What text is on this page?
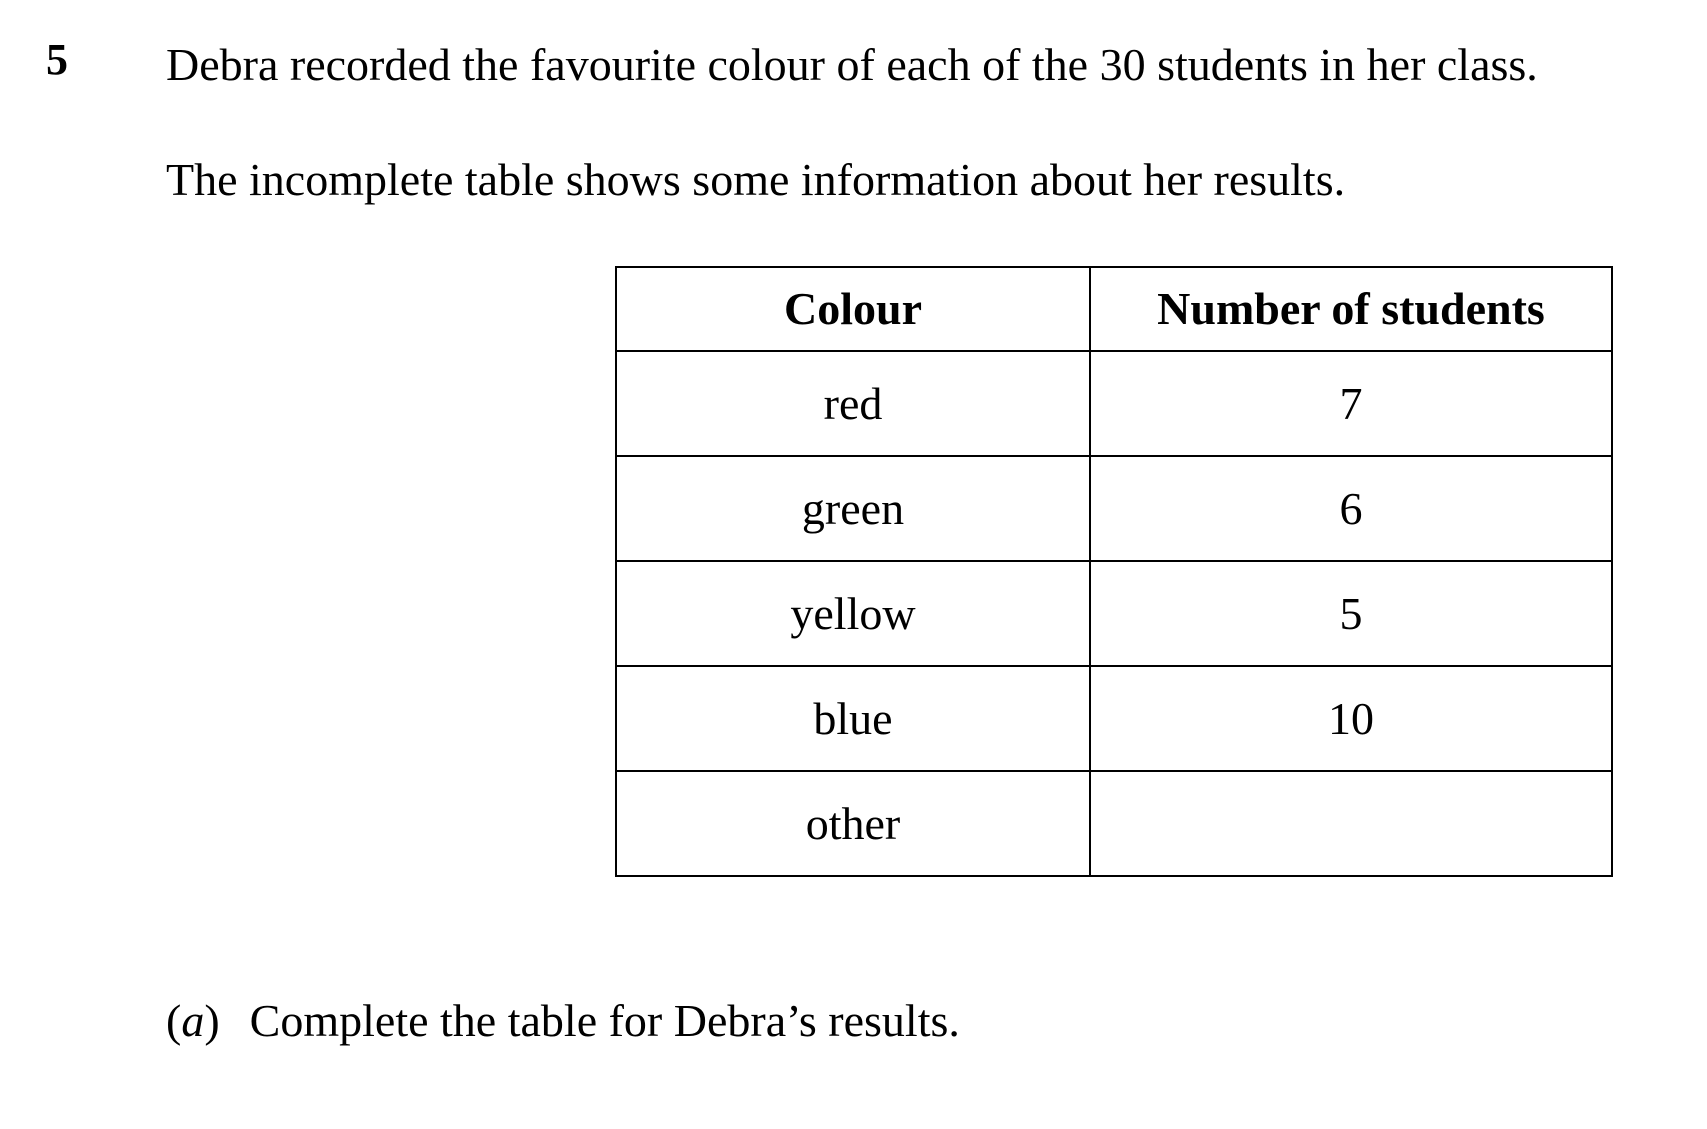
5 Debra recorded the favourite colour of each of the 30 students in her class.
The incomplete table shows some information about her results.
Colour	Number of students
red	7
green	6
yellow	5
blue	10
other	
(a) Complete the table for Debra’s results.
